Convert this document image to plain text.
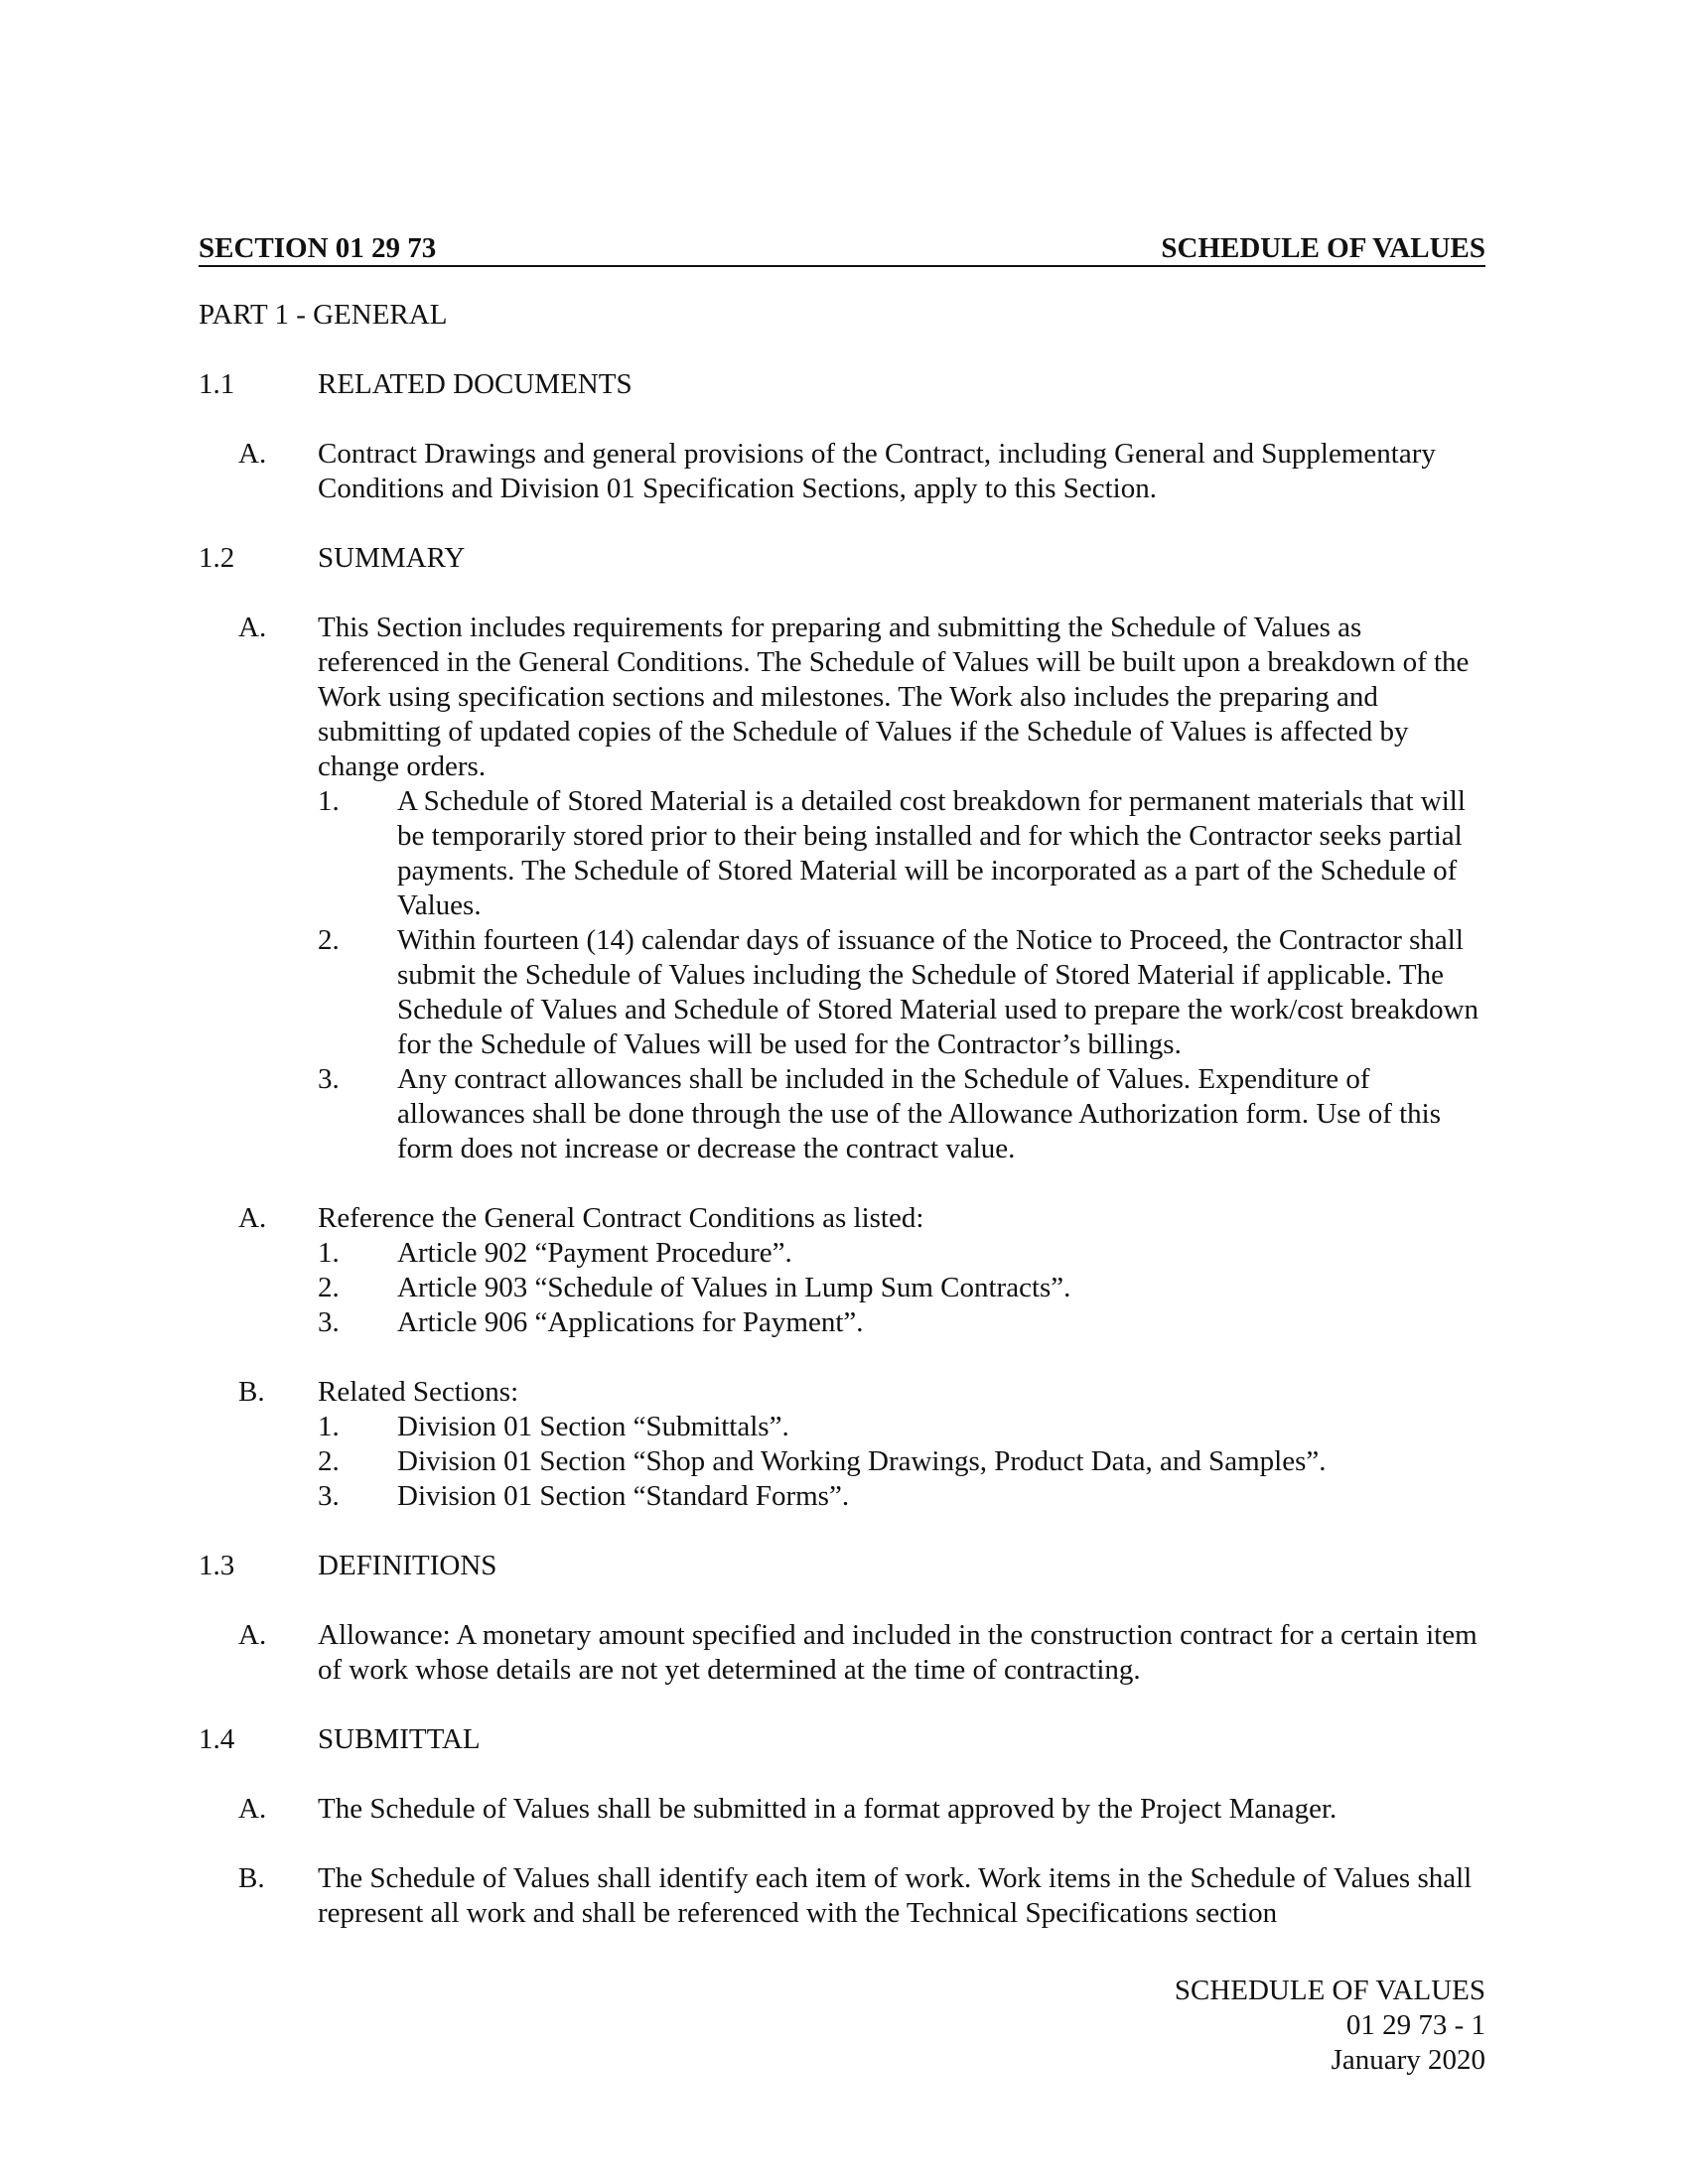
SECTION 01 29 73	SCHEDULE OF VALUES
PART 1 - GENERAL
1.1	RELATED DOCUMENTS
A.	Contract Drawings and general provisions of the Contract, including General and Supplementary Conditions and Division 01 Specification Sections, apply to this Section.
1.2	SUMMARY
A.	This Section includes requirements for preparing and submitting the Schedule of Values as referenced in the General Conditions. The Schedule of Values will be built upon a breakdown of the Work using specification sections and milestones. The Work also includes the preparing and submitting of updated copies of the Schedule of Values if the Schedule of Values is affected by change orders.
1.	A Schedule of Stored Material is a detailed cost breakdown for permanent materials that will be temporarily stored prior to their being installed and for which the Contractor seeks partial payments. The Schedule of Stored Material will be incorporated as a part of the Schedule of Values.
2.	Within fourteen (14) calendar days of issuance of the Notice to Proceed, the Contractor shall submit the Schedule of Values including the Schedule of Stored Material if applicable. The Schedule of Values and Schedule of Stored Material used to prepare the work/cost breakdown for the Schedule of Values will be used for the Contractor’s billings.
3.	Any contract allowances shall be included in the Schedule of Values. Expenditure of allowances shall be done through the use of the Allowance Authorization form. Use of this form does not increase or decrease the contract value.
A.	Reference the General Contract Conditions as listed:
1.	Article 902 “Payment Procedure”.
2.	Article 903 “Schedule of Values in Lump Sum Contracts”.
3.	Article 906 “Applications for Payment”.
B.	Related Sections:
1.	Division 01 Section “Submittals”.
2.	Division 01 Section “Shop and Working Drawings, Product Data, and Samples”.
3.	Division 01 Section “Standard Forms”.
1.3	DEFINITIONS
A.	Allowance: A monetary amount specified and included in the construction contract for a certain item of work whose details are not yet determined at the time of contracting.
1.4	SUBMITTAL
A.	The Schedule of Values shall be submitted in a format approved by the Project Manager.
B.	The Schedule of Values shall identify each item of work. Work items in the Schedule of Values shall represent all work and shall be referenced with the Technical Specifications section
SCHEDULE OF VALUES
01 29 73 - 1
January 2020
